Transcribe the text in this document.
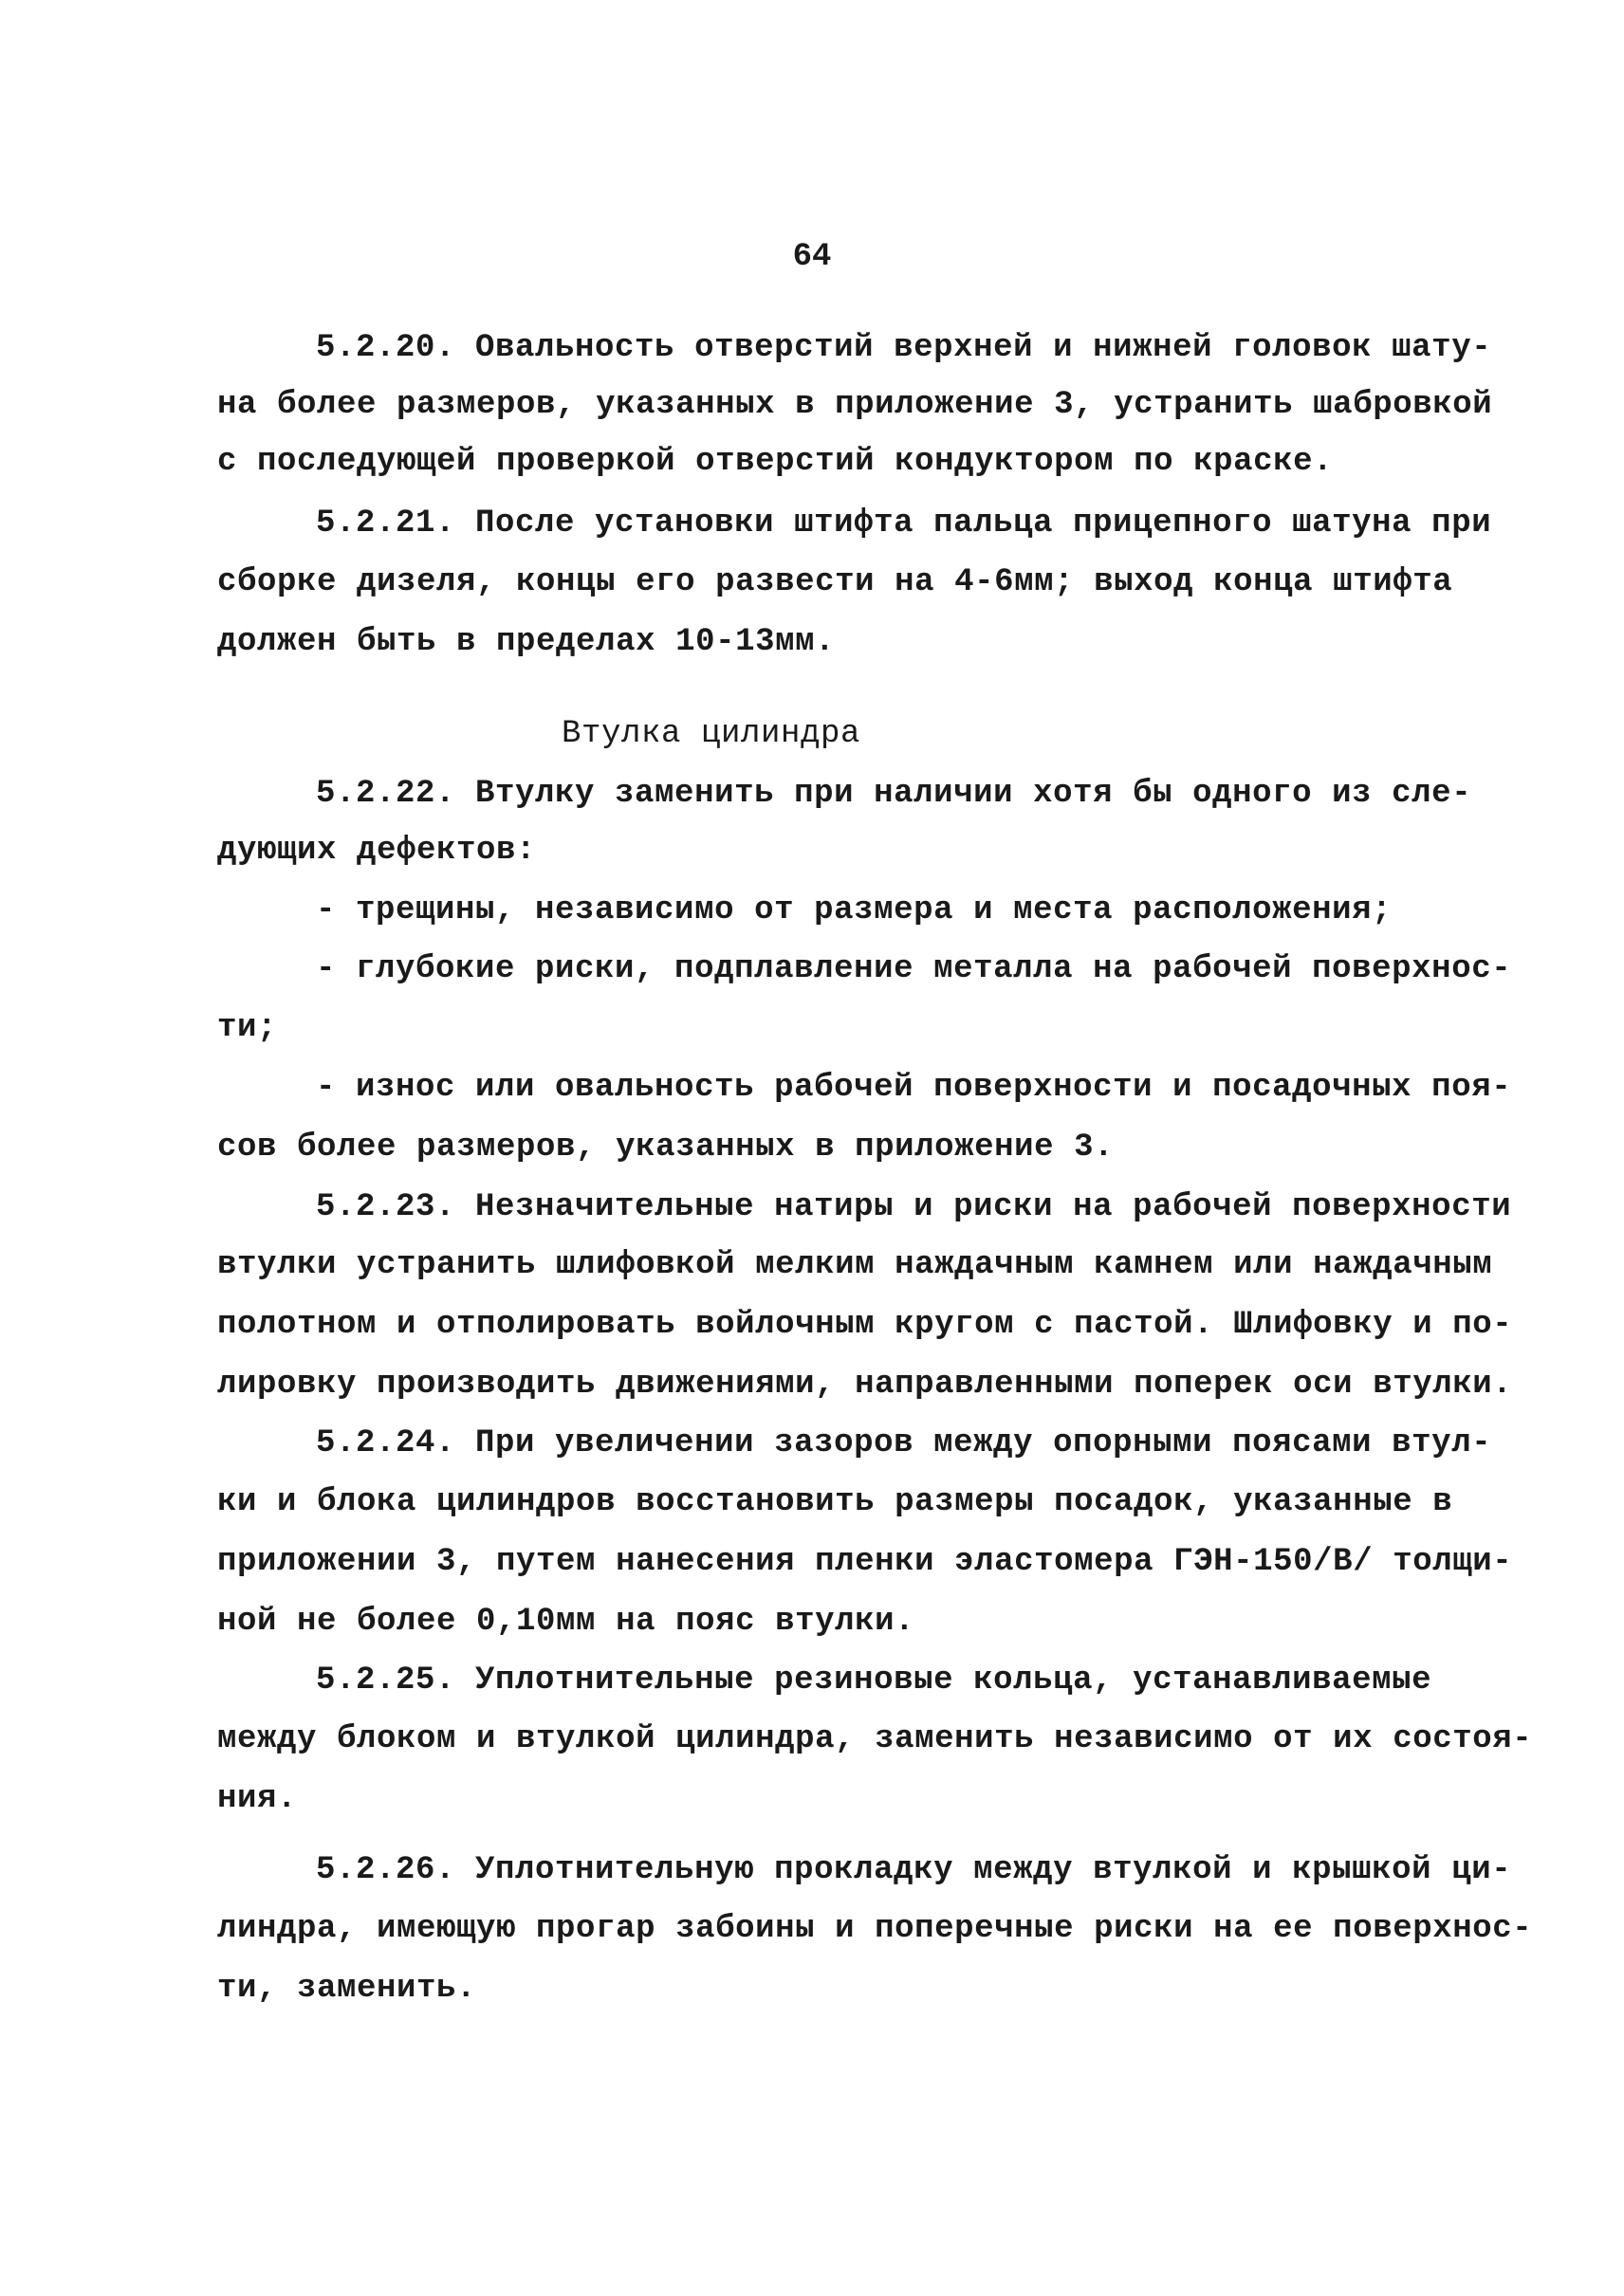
64
5.2.20. Овальность отверстий верхней и нижней головок шату-
на более размеров, указанных в приложение 3, устранить шабровкой
с последующей проверкой отверстий кондуктором по краске.
5.2.21. После установки штифта пальца прицепного шатуна при
сборке дизеля, концы его развести на 4-6мм; выход конца штифта
должен быть в пределах 10-13мм.
Втулка цилиндра
5.2.22. Втулку заменить при наличии хотя бы одного из сле-
дующих дефектов:
- трещины, независимо от размера и места расположения;
- глубокие риски, подплавление металла на рабочей поверхнос-
ти;
- износ или овальность рабочей поверхности и посадочных поя-
сов более размеров, указанных в приложение 3.
5.2.23. Незначительные натиры и риски на рабочей поверхности
втулки устранить шлифовкой мелким наждачным камнем или наждачным
полотном и отполировать войлочным кругом с пастой. Шлифовку и по-
лировку производить движениями, направленными поперек оси втулки.
5.2.24. При увеличении зазоров между опорными поясами втул-
ки и блока цилиндров восстановить размеры посадок, указанные в
приложении 3, путем нанесения пленки эластомера ГЭН-150/В/ толщи-
ной не более 0,10мм на пояс втулки.
5.2.25. Уплотнительные резиновые кольца, устанавливаемые
между блоком и втулкой цилиндра, заменить независимо от их состоя-
ния.
5.2.26. Уплотнительную прокладку между втулкой и крышкой ци-
линдра, имеющую прогар забоины и поперечные риски на ее поверхнос-
ти, заменить.
